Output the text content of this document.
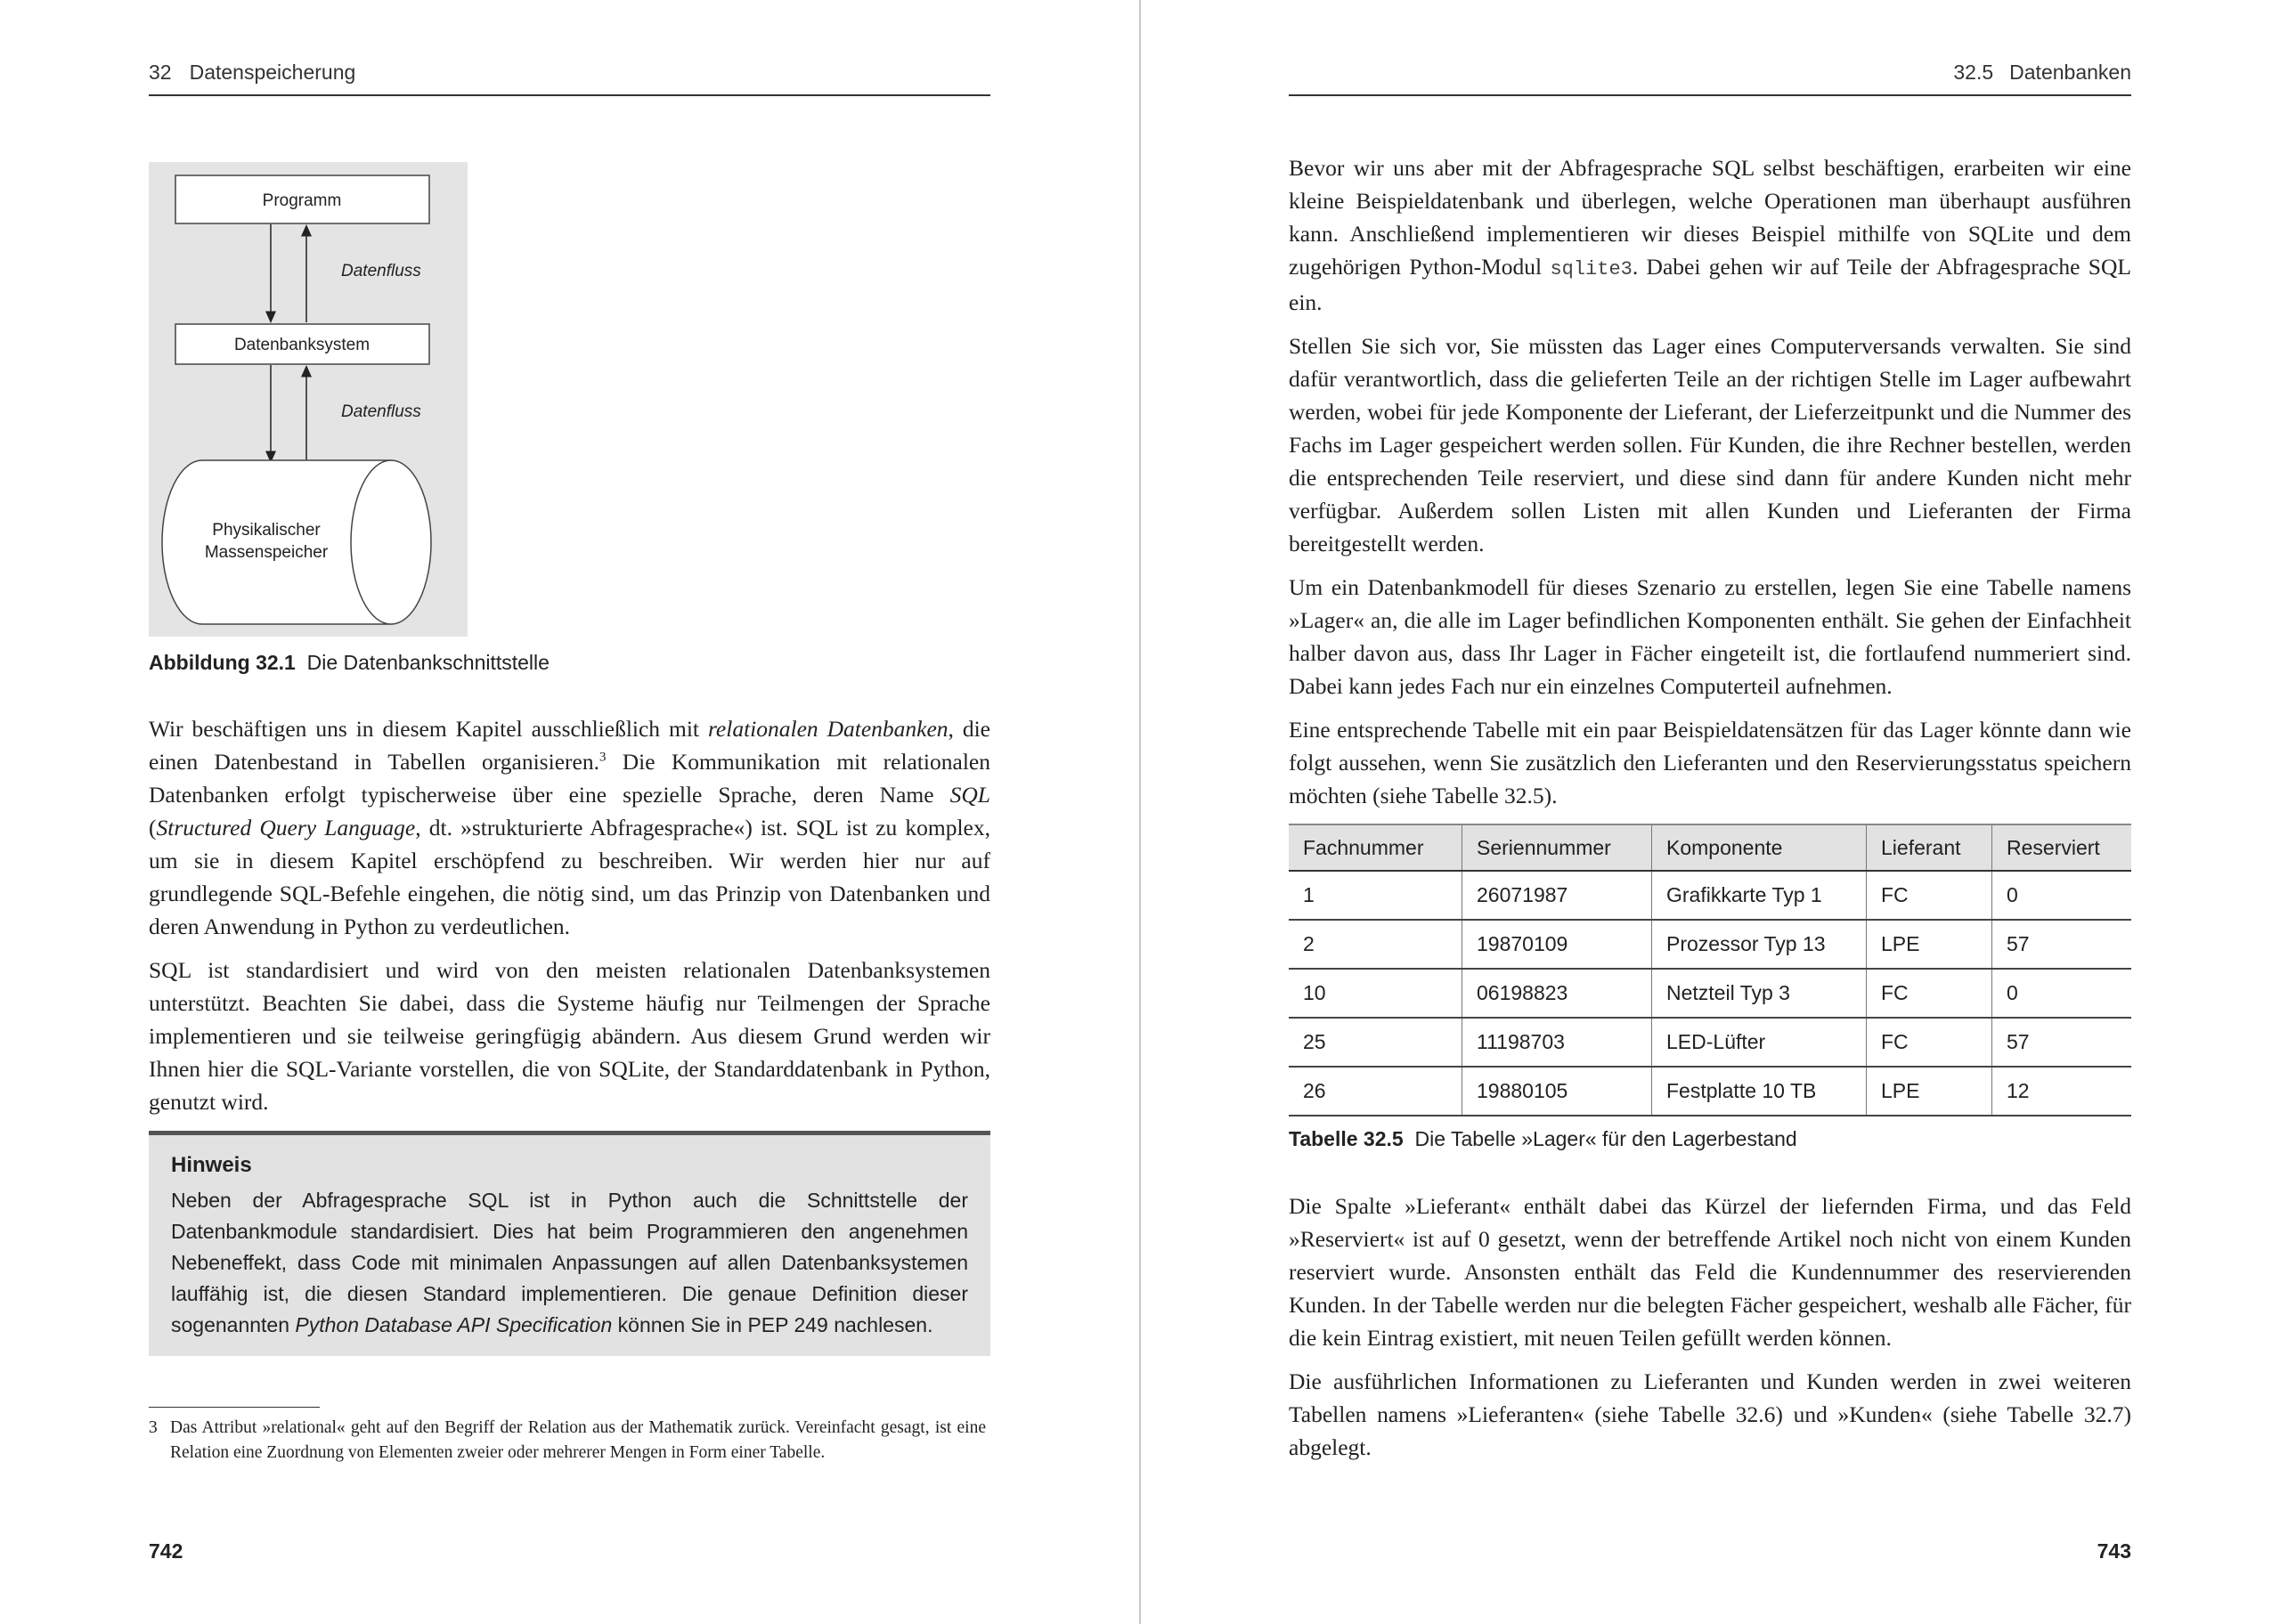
32 Datenspeicherung
Programm
Datenfluss
Datenbanksystem
Datenfluss
Physikalischer
Massenspeicher
Abbildung 32.1 Die Datenbankschnittstelle

Wir beschäftigen uns in diesem Kapitel ausschließlich mit relationalen Datenbanken, die einen Datenbestand in Tabellen organisieren.$^3$ Die Kommunikation mit relationalen Datenbanken erfolgt typischerweise über eine spezielle Sprache, deren Name SQL (Structured Query Language, dt. »strukturierte Abfragesprache«) ist. SQL ist zu komplex, um sie in diesem Kapitel erschöpfend zu beschreiben. Wir werden hier nur auf grundlegende SQL-Befehle eingehen, die nötig sind, um das Prinzip von Datenbanken und deren Anwendung in Python zu verdeutlichen.

SQL ist standardisiert und wird von den meisten relationalen Datenbanksystemen unterstützt. Beachten Sie dabei, dass die Systeme häufig nur Teilmengen der Sprache implementieren und sie teilweise geringfügig abändern. Aus diesem Grund werden wir Ihnen hier die SQL-Variante vorstellen, die von SQLite, der Standarddatenbank in Python, genutzt wird.

Hinweis
Neben der Abfragesprache SQL ist in Python auch die Schnittstelle der Datenbankmodule standardisiert. Dies hat beim Programmieren den angenehmen Nebeneffekt, dass Code mit minimalen Anpassungen auf allen Datenbanksystemen lauffähig ist, die diesen Standard implementieren. Die genaue Definition dieser sogenannten Python Database API Specification können Sie in PEP 249 nachlesen.
3 Das Attribut »relational« geht auf den Begriff der Relation aus der Mathematik zurück. Vereinfacht gesagt, ist eine Relation eine Zuordnung von Elementen zweier oder mehrerer Mengen in Form einer Tabelle.
742
32.5 Datenbanken

Bevor wir uns aber mit der Abfragesprache SQL selbst beschäftigen, erarbeiten wir eine kleine Beispieldatenbank und überlegen, welche Operationen man überhaupt ausführen kann. Anschließend implementieren wir dieses Beispiel mithilfe von SQLite und dem zugehörigen Python-Modul sqlite3. Dabei gehen wir auf Teile der Abfragesprache SQL ein.

Stellen Sie sich vor, Sie müssten das Lager eines Computerversands verwalten. Sie sind dafür verantwortlich, dass die gelieferten Teile an der richtigen Stelle im Lager aufbewahrt werden, wobei für jede Komponente der Lieferant, der Lieferzeitpunkt und die Nummer des Fachs im Lager gespeichert werden sollen. Für Kunden, die ihre Rechner bestellen, werden die entsprechenden Teile reserviert, und diese sind dann für andere Kunden nicht mehr verfügbar. Außerdem sollen Listen mit allen Kunden und Lieferanten der Firma bereitgestellt werden.

Um ein Datenbankmodell für dieses Szenario zu erstellen, legen Sie eine Tabelle namens »Lager« an, die alle im Lager befindlichen Komponenten enthält. Sie gehen der Einfachheit halber davon aus, dass Ihr Lager in Fächer eingeteilt ist, die fortlaufend nummeriert sind. Dabei kann jedes Fach nur ein einzelnes Computerteil aufnehmen.

Eine entsprechende Tabelle mit ein paar Beispieldatensätzen für das Lager könnte dann wie folgt aussehen, wenn Sie zusätzlich den Lieferanten und den Reservierungsstatus speichern möchten (siehe Tabelle 32.5).

Fachnummer	Seriennummer	Komponente	Lieferant	Reserviert
1	26071987	Grafikkarte Typ 1	FC	0
2	19870109	Prozessor Typ 13	LPE	57
10	06198823	Netzteil Typ 3	FC	0
25	11198703	LED-Lüfter	FC	57
26	19880105	Festplatte 10 TB	LPE	12
Tabelle 32.5 Die Tabelle »Lager« für den Lagerbestand

Die Spalte »Lieferant« enthält dabei das Kürzel der liefernden Firma, und das Feld »Reserviert« ist auf 0 gesetzt, wenn der betreffende Artikel noch nicht von einem Kunden reserviert wurde. Ansonsten enthält das Feld die Kundennummer des reservierenden Kunden. In der Tabelle werden nur die belegten Fächer gespeichert, weshalb alle Fächer, für die kein Eintrag existiert, mit neuen Teilen gefüllt werden können.

Die ausführlichen Informationen zu Lieferanten und Kunden werden in zwei weiteren Tabellen namens »Lieferanten« (siehe Tabelle 32.6) und »Kunden« (siehe Tabelle 32.7) abgelegt.

743
